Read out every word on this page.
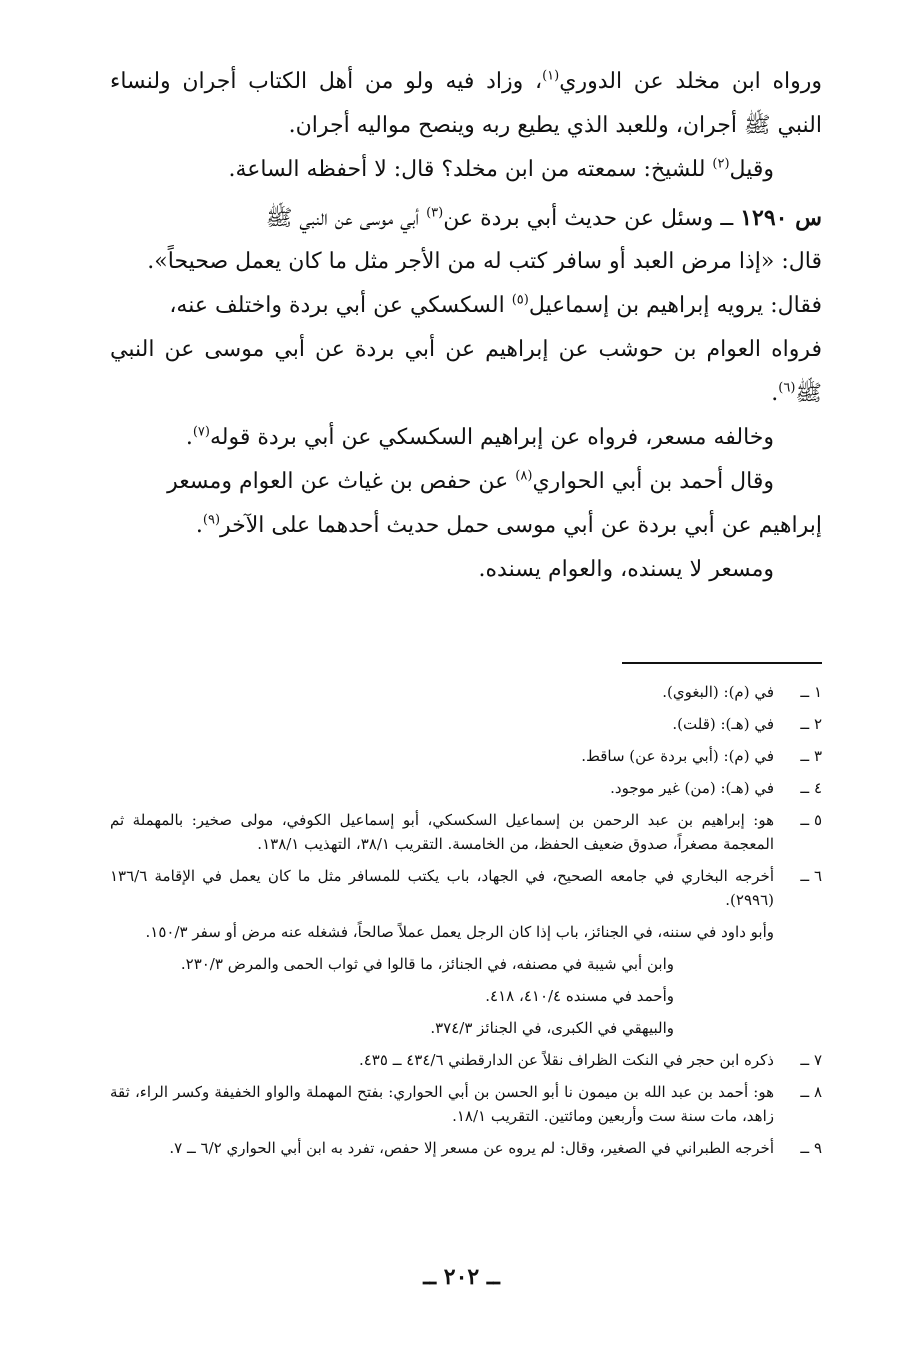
ورواه ابن مخلد عن الدوري$^{(١)}$، وزاد فيه ولو من أهل الكتاب أجران ولنساء
النبي ﷺ أجران، وللعبد الذي يطيع ربه وينصح مواليه أجران.
وقيل$^{(٢)}$ للشيخ: سمعته من ابن مخلد؟ قال: لا أحفظه الساعة.
س ١٢٩٠ ــ وسئل عن حديث أبي بردة عن$^{(٣)}$ أبي موسى عن النبي ﷺ
قال: «إذا مرض العبد أو سافر كتب له من الأجر مثل ما كان يعمل صحيحاً».
فقال: يرويه إبراهيم بن إسماعيل$^{(٥)}$ السكسكي عن أبي بردة واختلف عنه،
فرواه العوام بن حوشب عن إبراهيم عن أبي بردة عن أبي موسى عن النبي
ﷺ$^{(٦)}$.
وخالفه مسعر، فرواه عن إبراهيم السكسكي عن أبي بردة قوله$^{(٧)}$.
وقال أحمد بن أبي الحواري$^{(٨)}$ عن حفص بن غياث عن العوام ومسعر
إبراهيم عن أبي بردة عن أبي موسى حمل حديث أحدهما على الآخر$^{(٩)}$.
ومسعر لا يسنده، والعوام يسنده.
١ ــ
في (م): (البغوي).
٢ ــ
في (هـ): (قلت).
٣ ــ
في (م): (أبي بردة عن) ساقط.
٤ ــ
في (هـ): (من) غير موجود.
٥ ــ
هو: إبراهيم بن عبد الرحمن بن إسماعيل السكسكي، أبو إسماعيل الكوفي، مولى صخير: بالمهملة ثم المعجمة مصغراً، صدوق ضعيف الحفظ، من الخامسة. التقريب ٣٨/١، التهذيب ١٣٨/١.
٦ ــ
أخرجه البخاري في جامعه الصحيح، في الجهاد، باب يكتب للمسافر مثل ما كان يعمل في الإقامة ١٣٦/٦ (٢٩٩٦).
وأبو داود في سننه، في الجنائز، باب إذا كان الرجل يعمل عملاً صالحاً، فشغله عنه مرض أو سفر ١٥٠/٣.
وابن أبي شيبة في مصنفه، في الجنائز، ما قالوا في ثواب الحمى والمرض ٢٣٠/٣.
وأحمد في مسنده ٤١٠/٤، ٤١٨.
والبيهقي في الكبرى، في الجنائز ٣٧٤/٣.
٧ ــ
ذكره ابن حجر في النكت الظراف نقلاً عن الدارقطني ٤٣٤/٦ ــ ٤٣٥.
٨ ــ
هو: أحمد بن عبد الله بن ميمون نا أبو الحسن بن أبي الحواري: بفتح المهملة والواو الخفيفة وكسر الراء، ثقة زاهد، مات سنة ست وأربعين ومائتين. التقريب ١٨/١.
٩ ــ
أخرجه الطبراني في الصغير، وقال: لم يروه عن مسعر إلا حفص، تفرد به ابن أبي الحواري ٦/٢ ــ ٧.
ــ ٢٠٢ ــ
